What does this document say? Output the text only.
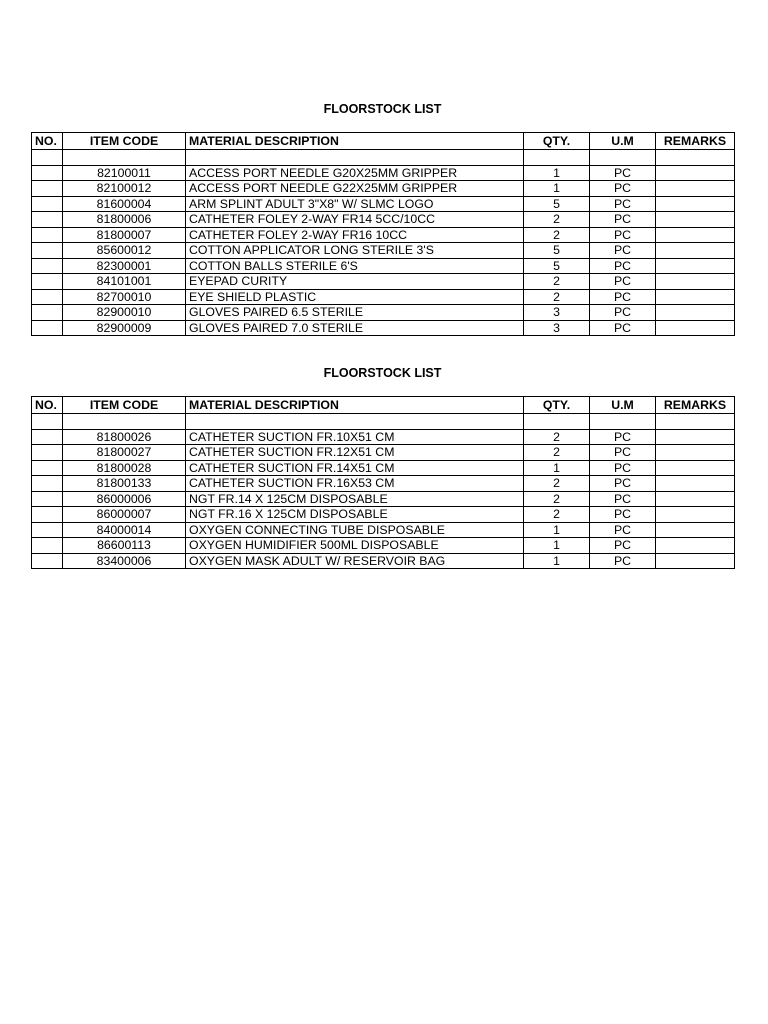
FLOORSTOCK LIST
NO.	ITEM CODE	MATERIAL DESCRIPTION	QTY.	U.M	REMARKS

	82100011	ACCESS PORT NEEDLE G20X25MM GRIPPER	1	PC	
	82100012	ACCESS PORT NEEDLE G22X25MM GRIPPER	1	PC	
	81600004	ARM SPLINT ADULT 3"X8" W/ SLMC LOGO	5	PC	
	81800006	CATHETER FOLEY 2-WAY FR14 5CC/10CC	2	PC	
	81800007	CATHETER FOLEY 2-WAY FR16 10CC	2	PC	
	85600012	COTTON APPLICATOR LONG STERILE 3'S	5	PC	
	82300001	COTTON BALLS STERILE 6'S	5	PC	
	84101001	EYEPAD CURITY	2	PC	
	82700010	EYE SHIELD PLASTIC	2	PC	
	82900010	GLOVES PAIRED 6.5 STERILE	3	PC	
	82900009	GLOVES PAIRED 7.0 STERILE	3	PC	
FLOORSTOCK LIST
NO.	ITEM CODE	MATERIAL DESCRIPTION	QTY.	U.M	REMARKS

	81800026	CATHETER SUCTION FR.10X51 CM	2	PC	
	81800027	CATHETER SUCTION FR.12X51 CM	2	PC	
	81800028	CATHETER SUCTION FR.14X51 CM	1	PC	
	81800133	CATHETER SUCTION FR.16X53 CM	2	PC	
	86000006	NGT FR.14 X 125CM DISPOSABLE	2	PC	
	86000007	NGT FR.16 X 125CM DISPOSABLE	2	PC	
	84000014	OXYGEN CONNECTING TUBE DISPOSABLE	1	PC	
	86600113	OXYGEN HUMIDIFIER 500ML DISPOSABLE	1	PC	
	83400006	OXYGEN MASK ADULT W/ RESERVOIR BAG	1	PC	
